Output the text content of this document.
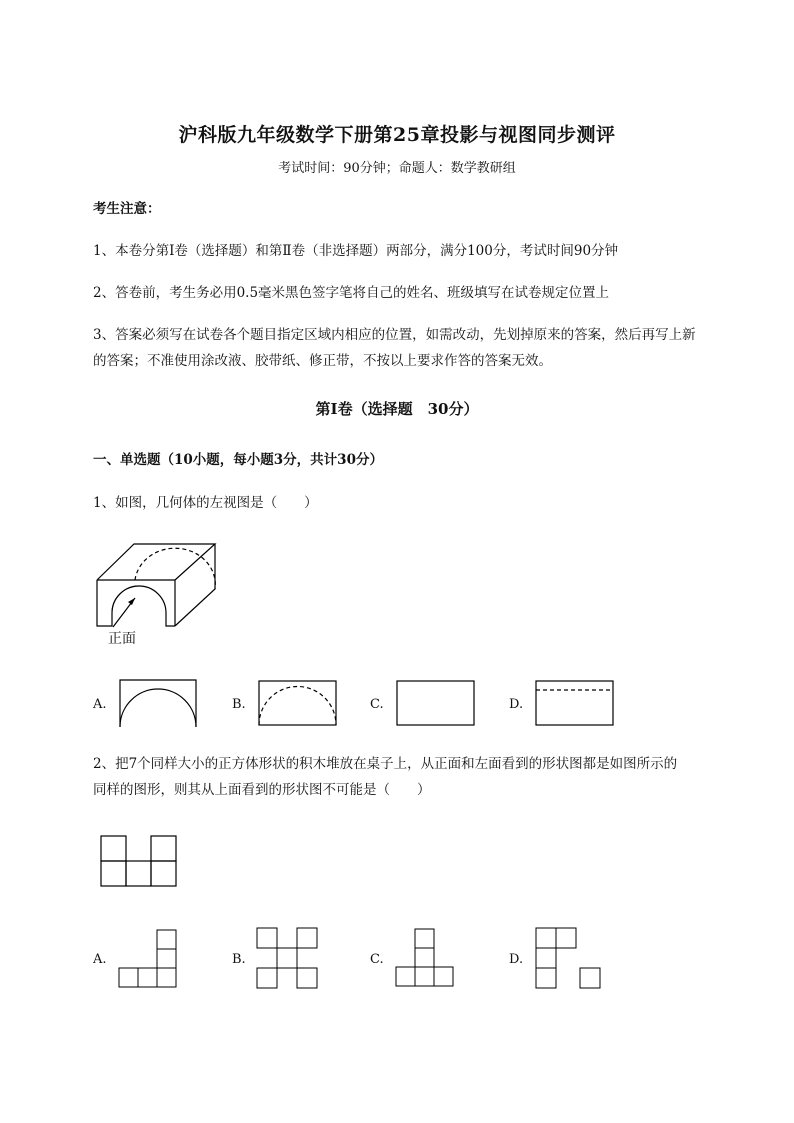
沪科版九年级数学下册第25章投影与视图同步测评
考试时间：90分钟；命题人：数学教研组
考生注意：
1、本卷分第I卷（选择题）和第Ⅱ卷（非选择题）两部分，满分100分，考试时间90分钟
2、答卷前，考生务必用0.5毫米黑色签字笔将自己的姓名、班级填写在试卷规定位置上
3、答案必须写在试卷各个题目指定区域内相应的位置，如需改动，先划掉原来的答案，然后再写上新
的答案；不准使用涂改液、胶带纸、修正带，不按以上要求作答的答案无效。
第I卷（选择题　30分）
一、单选题（10小题，每小题3分，共计30分）
1、如图，几何体的左视图是（　　）
正面
A.	B.	C.	D.
2、把7个同样大小的正方体形状的积木堆放在桌子上，从正面和左面看到的形状图都是如图所示的
同样的图形，则其从上面看到的形状图不可能是（　　）
A.	B.	C.	D.
